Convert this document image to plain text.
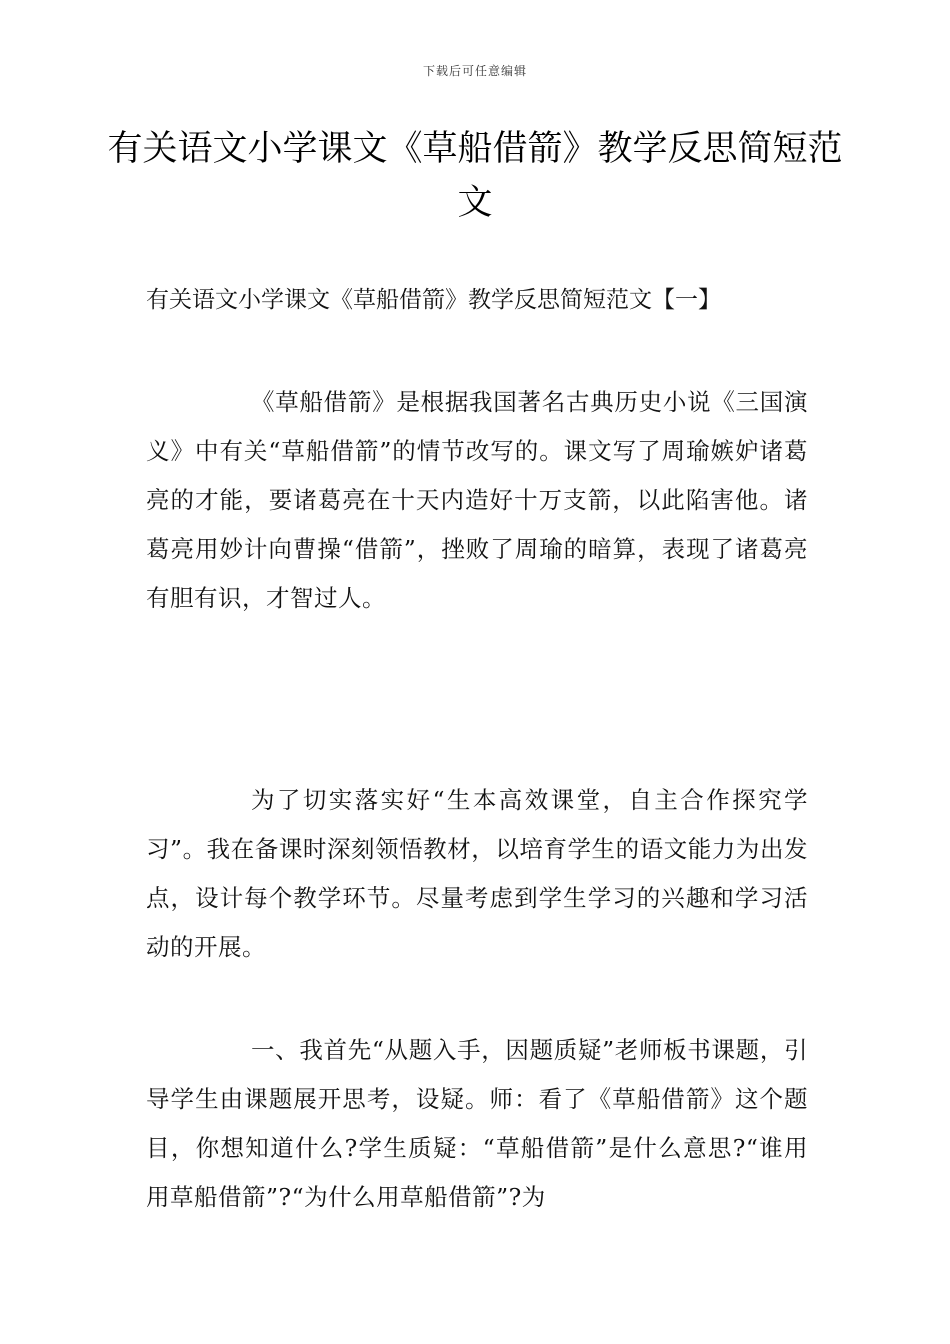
下载后可任意编辑
有关语文小学课文《草船借箭》教学反思简短范文

有关语文小学课文《草船借箭》教学反思简短范文【一】

《草船借箭》是根据我国著名古典历史小说《三国演义》中有关“草船借箭”的情节改写的。课文写了周瑜嫉妒诸葛亮的才能，要诸葛亮在十天内造好十万支箭，以此陷害他。诸葛亮用妙计向曹操“借箭”，挫败了周瑜的暗算，表现了诸葛亮有胆有识，才智过人。

为了切实落实好“生本高效课堂，自主合作探究学习”。我在备课时深刻领悟教材，以培育学生的语文能力为出发点，设计每个教学环节。尽量考虑到学生学习的兴趣和学习活动的开展。

一、我首先“从题入手，因题质疑”老师板书课题，引导学生由课题展开思考，设疑。师：看了《草船借箭》这个题目，你想知道什么?学生质疑：“草船借箭”是什么意思?“谁用用草船借箭”?“为什么用草船借箭”?为
